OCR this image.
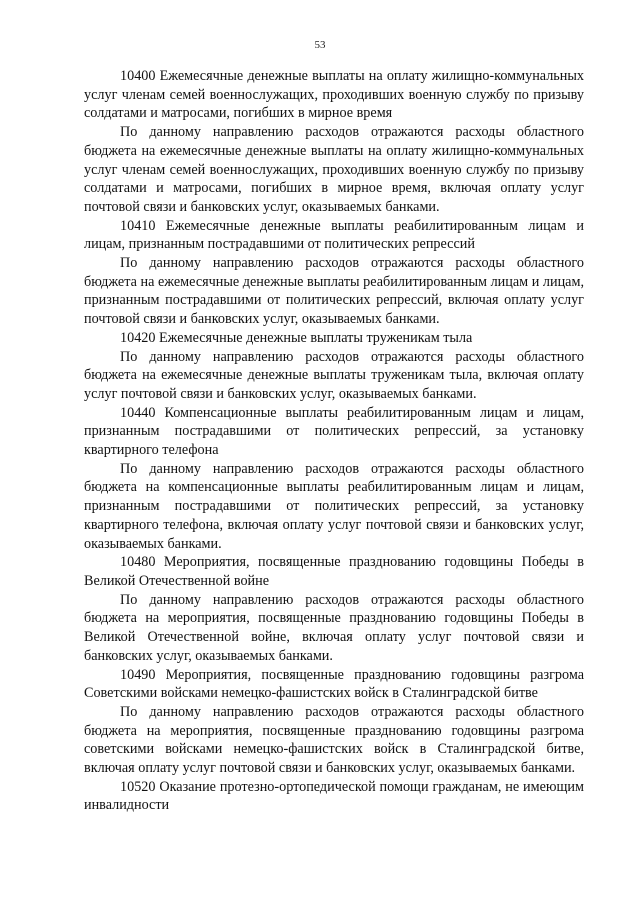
53

10400 Ежемесячные денежные выплаты на оплату жилищно-коммунальных услуг членам семей военнослужащих, проходивших военную службу по призыву солдатами и матросами, погибших в мирное время

По данному направлению расходов отражаются расходы областного бюджета на ежемесячные денежные выплаты на оплату жилищно-коммунальных услуг членам семей военнослужащих, проходивших военную службу по призыву солдатами и матросами, погибших в мирное время, включая оплату услуг почтовой связи и банковских услуг, оказываемых банками.

10410 Ежемесячные денежные выплаты реабилитированным лицам и лицам, признанным пострадавшими от политических репрессий

По данному направлению расходов отражаются расходы областного бюджета на ежемесячные денежные выплаты реабилитированным лицам и лицам, признанным пострадавшими от политических репрессий, включая оплату услуг почтовой связи и банковских услуг, оказываемых банками.

10420 Ежемесячные денежные выплаты труженикам тыла

По данному направлению расходов отражаются расходы областного бюджета на ежемесячные денежные выплаты труженикам тыла, включая оплату услуг почтовой связи и банковских услуг, оказываемых банками.

10440 Компенсационные выплаты реабилитированным лицам и лицам, признанным пострадавшими от политических репрессий, за установку квартирного телефона

По данному направлению расходов отражаются расходы областного бюджета на компенсационные выплаты реабилитированным лицам и лицам, признанным пострадавшими от политических репрессий, за установку квартирного телефона, включая оплату услуг почтовой связи и банковских услуг, оказываемых банками.

10480 Мероприятия, посвященные празднованию годовщины Победы в Великой Отечественной войне

По данному направлению расходов отражаются расходы областного бюджета на мероприятия, посвященные празднованию годовщины Победы в Великой Отечественной войне, включая оплату услуг почтовой связи и банковских услуг, оказываемых банками.

10490 Мероприятия, посвященные празднованию годовщины разгрома Советскими войсками немецко-фашистских войск в Сталинградской битве

По данному направлению расходов отражаются расходы областного бюджета на мероприятия, посвященные празднованию годовщины разгрома советскими войсками немецко-фашистских войск в Сталинградской битве, включая оплату услуг почтовой связи и банковских услуг, оказываемых банками.

10520 Оказание протезно-ортопедической помощи гражданам, не имеющим инвалидности
